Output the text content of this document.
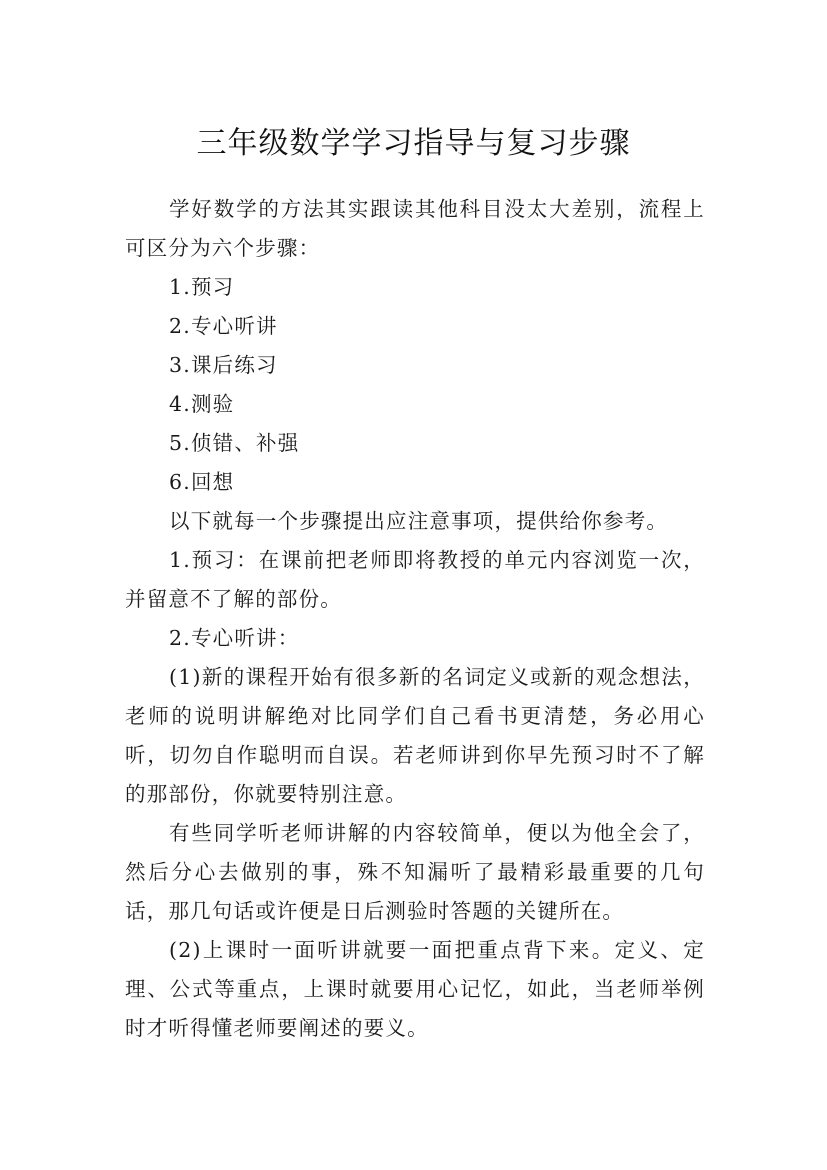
三年级数学学习指导与复习步骤

学好数学的方法其实跟读其他科目没太大差别，流程上可区分为六个步骤：

1.预习

2.专心听讲

3.课后练习

4.测验

5.侦错、补强

6.回想

以下就每一个步骤提出应注意事项，提供给你参考。

1.预习：在课前把老师即将教授的单元内容浏览一次，并留意不了解的部份。

2.专心听讲：

(1)新的课程开始有很多新的名词定义或新的观念想法，老师的说明讲解绝对比同学们自己看书更清楚，务必用心听，切勿自作聪明而自误。若老师讲到你早先预习时不了解的那部份，你就要特别注意。

有些同学听老师讲解的内容较简单，便以为他全会了，然后分心去做别的事，殊不知漏听了最精彩最重要的几句话，那几句话或许便是日后测验时答题的关键所在。

(2)上课时一面听讲就要一面把重点背下来。定义、定理、公式等重点，上课时就要用心记忆，如此，当老师举例时才听得懂老师要阐述的要义。
